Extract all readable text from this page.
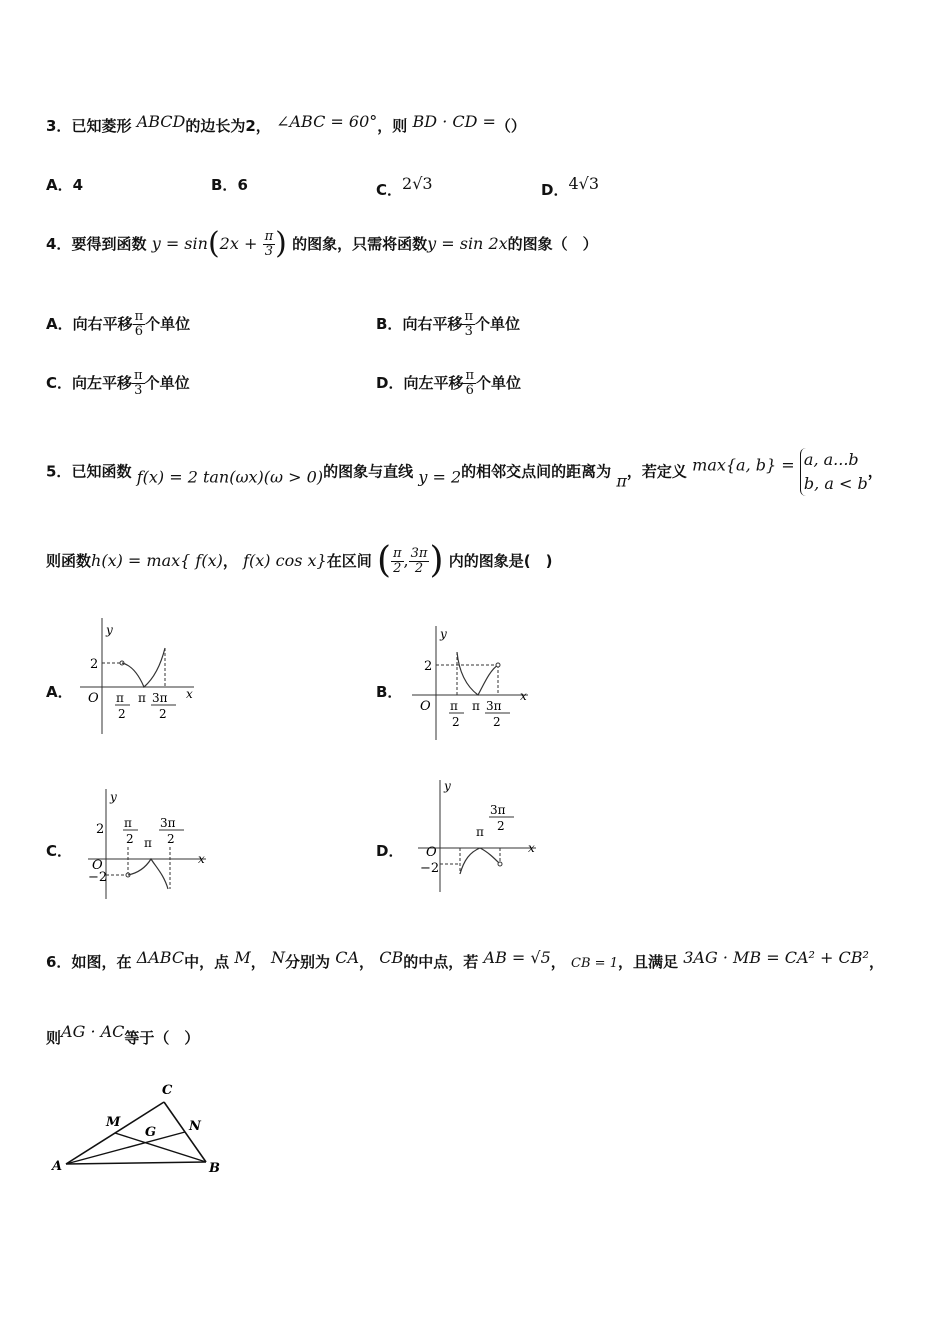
3．已知菱形 ABCD的边长为2， ∠ABC = 60°，则 BD · CD =（）
A．4	B．6	C．2√3	D．4√3
4．要得到函数 $y = \sin(2x + \frac{\pi}{3}$ ) 的图象，只需将函数y = sin 2x的图象（　）
A．向右平移 $\frac{\pi}{6}$ 个单位	B．向右平移 $\frac{\pi}{3}$ 个单位
C．向左平移 $\frac{\pi}{3}$ 个单位	D．向左平移 $\frac{\pi}{6}$ 个单位
5．已知函数 f(x) = 2 tan(ωx)(ω > 0)的图象与直线 y = 2的相邻交点间的距离为 π，若定义 max{a, b} = a, a...b
b, a < b
，
则函数h(x) = max{ f(x)， f(x) cos x}在区间 ( $\frac{\pi}{2}$ , $\frac{3\pi}{2}$ ) 内的图象是(　)
A．	B．
C．	D．
y
x
O
2
π
2
π 3π
2
y
x
O
2
π
2
π 3π
2
y
x
O
2
−2
π
2 π
3π
2
y
x
O
−2
π
3π
2
6．如图，在 ΔABC中，点 M， N分别为 CA， CB的中点，若 AB = √5， CB = 1，且满足 3AG · MB = CA² + CB²，
则AG · AC等于（　）
A	B
C
M	N
G
